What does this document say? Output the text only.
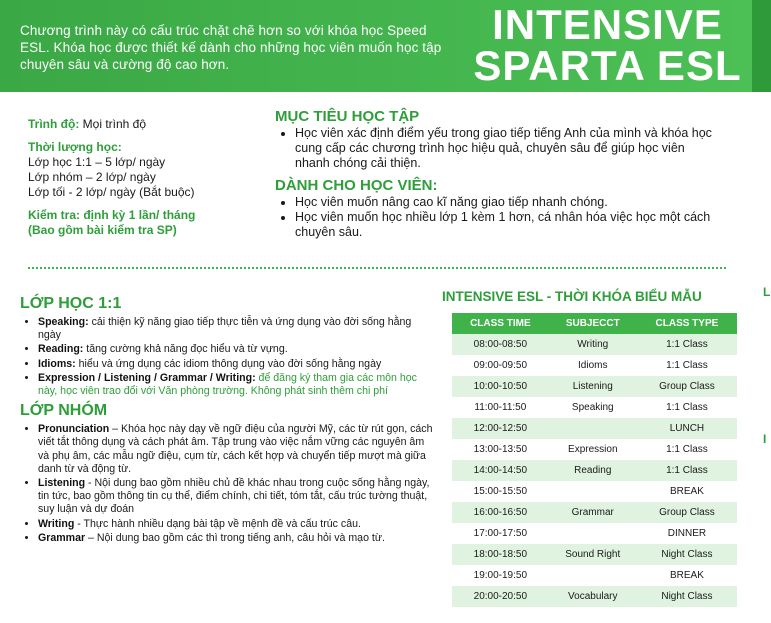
Chương trình này có cấu trúc chặt chẽ hơn so với khóa học Speed ESL. Khóa học được thiết kế dành cho những học viên muốn học tập chuyên sâu và cường độ cao hơn.
INTENSIVE
SPARTA ESL
Trình độ: Mọi trình độ
Thời lượng học:
Lớp học 1:1 – 5 lớp/ ngày
Lớp nhóm – 2 lớp/ ngày
Lớp tối - 2 lớp/ ngày (Bắt buộc)
Kiểm tra: định kỳ 1 lần/ tháng
(Bao gồm bài kiểm tra SP)
MỤC TIÊU HỌC TẬP
• Học viên xác định điểm yếu trong giao tiếp tiếng Anh của mình và khóa học cung cấp các chương trình học hiệu quả, chuyên sâu để giúp học viên nhanh chóng cải thiện.
DÀNH CHO HỌC VIÊN:
• Học viên muốn nâng cao kĩ năng giao tiếp nhanh chóng.
• Học viên muốn học nhiều lớp 1 kèm 1 hơn, cá nhân hóa việc học một cách chuyên sâu.
LỚP HỌC 1:1
• Speaking: cải thiện kỹ năng giao tiếp thực tiễn và ứng dụng vào đời sống hằng ngày
• Reading: tăng cường khả năng đọc hiểu và từ vựng.
• Idioms: hiểu và ứng dụng các idiom thông dụng vào đời sống hằng ngày
• Expression / Listening / Grammar / Writing: để đăng ký tham gia các môn học này, học viên trao đổi với Văn phòng trường. Không phát sinh thêm chi phí
LỚP NHÓM
• Pronunciation – Khóa học này dạy về ngữ điệu của người Mỹ, các từ rút gọn, cách viết tắt thông dụng và cách phát âm. Tập trung vào việc nắm vững các nguyên âm và phụ âm, các mẫu ngữ điệu, cụm từ, cách kết hợp và chuyển tiếp mượt mà giữa danh từ và động từ.
• Listening - Nội dung bao gồm nhiều chủ đề khác nhau trong cuộc sống hằng ngày, tin tức, bao gồm thông tin cụ thể, điểm chính, chi tiết, tóm tắt, cấu trúc tường thuật, suy luận và dự đoán
• Writing - Thực hành nhiều dạng bài tập về mệnh đề và cấu trúc câu.
• Grammar – Nội dung bao gồm các thì trong tiếng anh, câu hỏi và mạo từ.
INTENSIVE ESL - THỜI KHÓA BIỂU MẪU
CLASS TIME	SUBJECCT	CLASS TYPE
08:00-08:50	Writing	1:1 Class
09:00-09:50	Idioms	1:1 Class
10:00-10:50	Listening	Group Class
11:00-11:50	Speaking	1:1 Class
12:00-12:50		LUNCH
13:00-13:50	Expression	1:1 Class
14:00-14:50	Reading	1:1 Class
15:00-15:50		BREAK
16:00-16:50	Grammar	Group Class
17:00-17:50		DINNER
18:00-18:50	Sound Right	Night Class
19:00-19:50		BREAK
20:00-20:50	Vocabulary	Night Class
L
I
